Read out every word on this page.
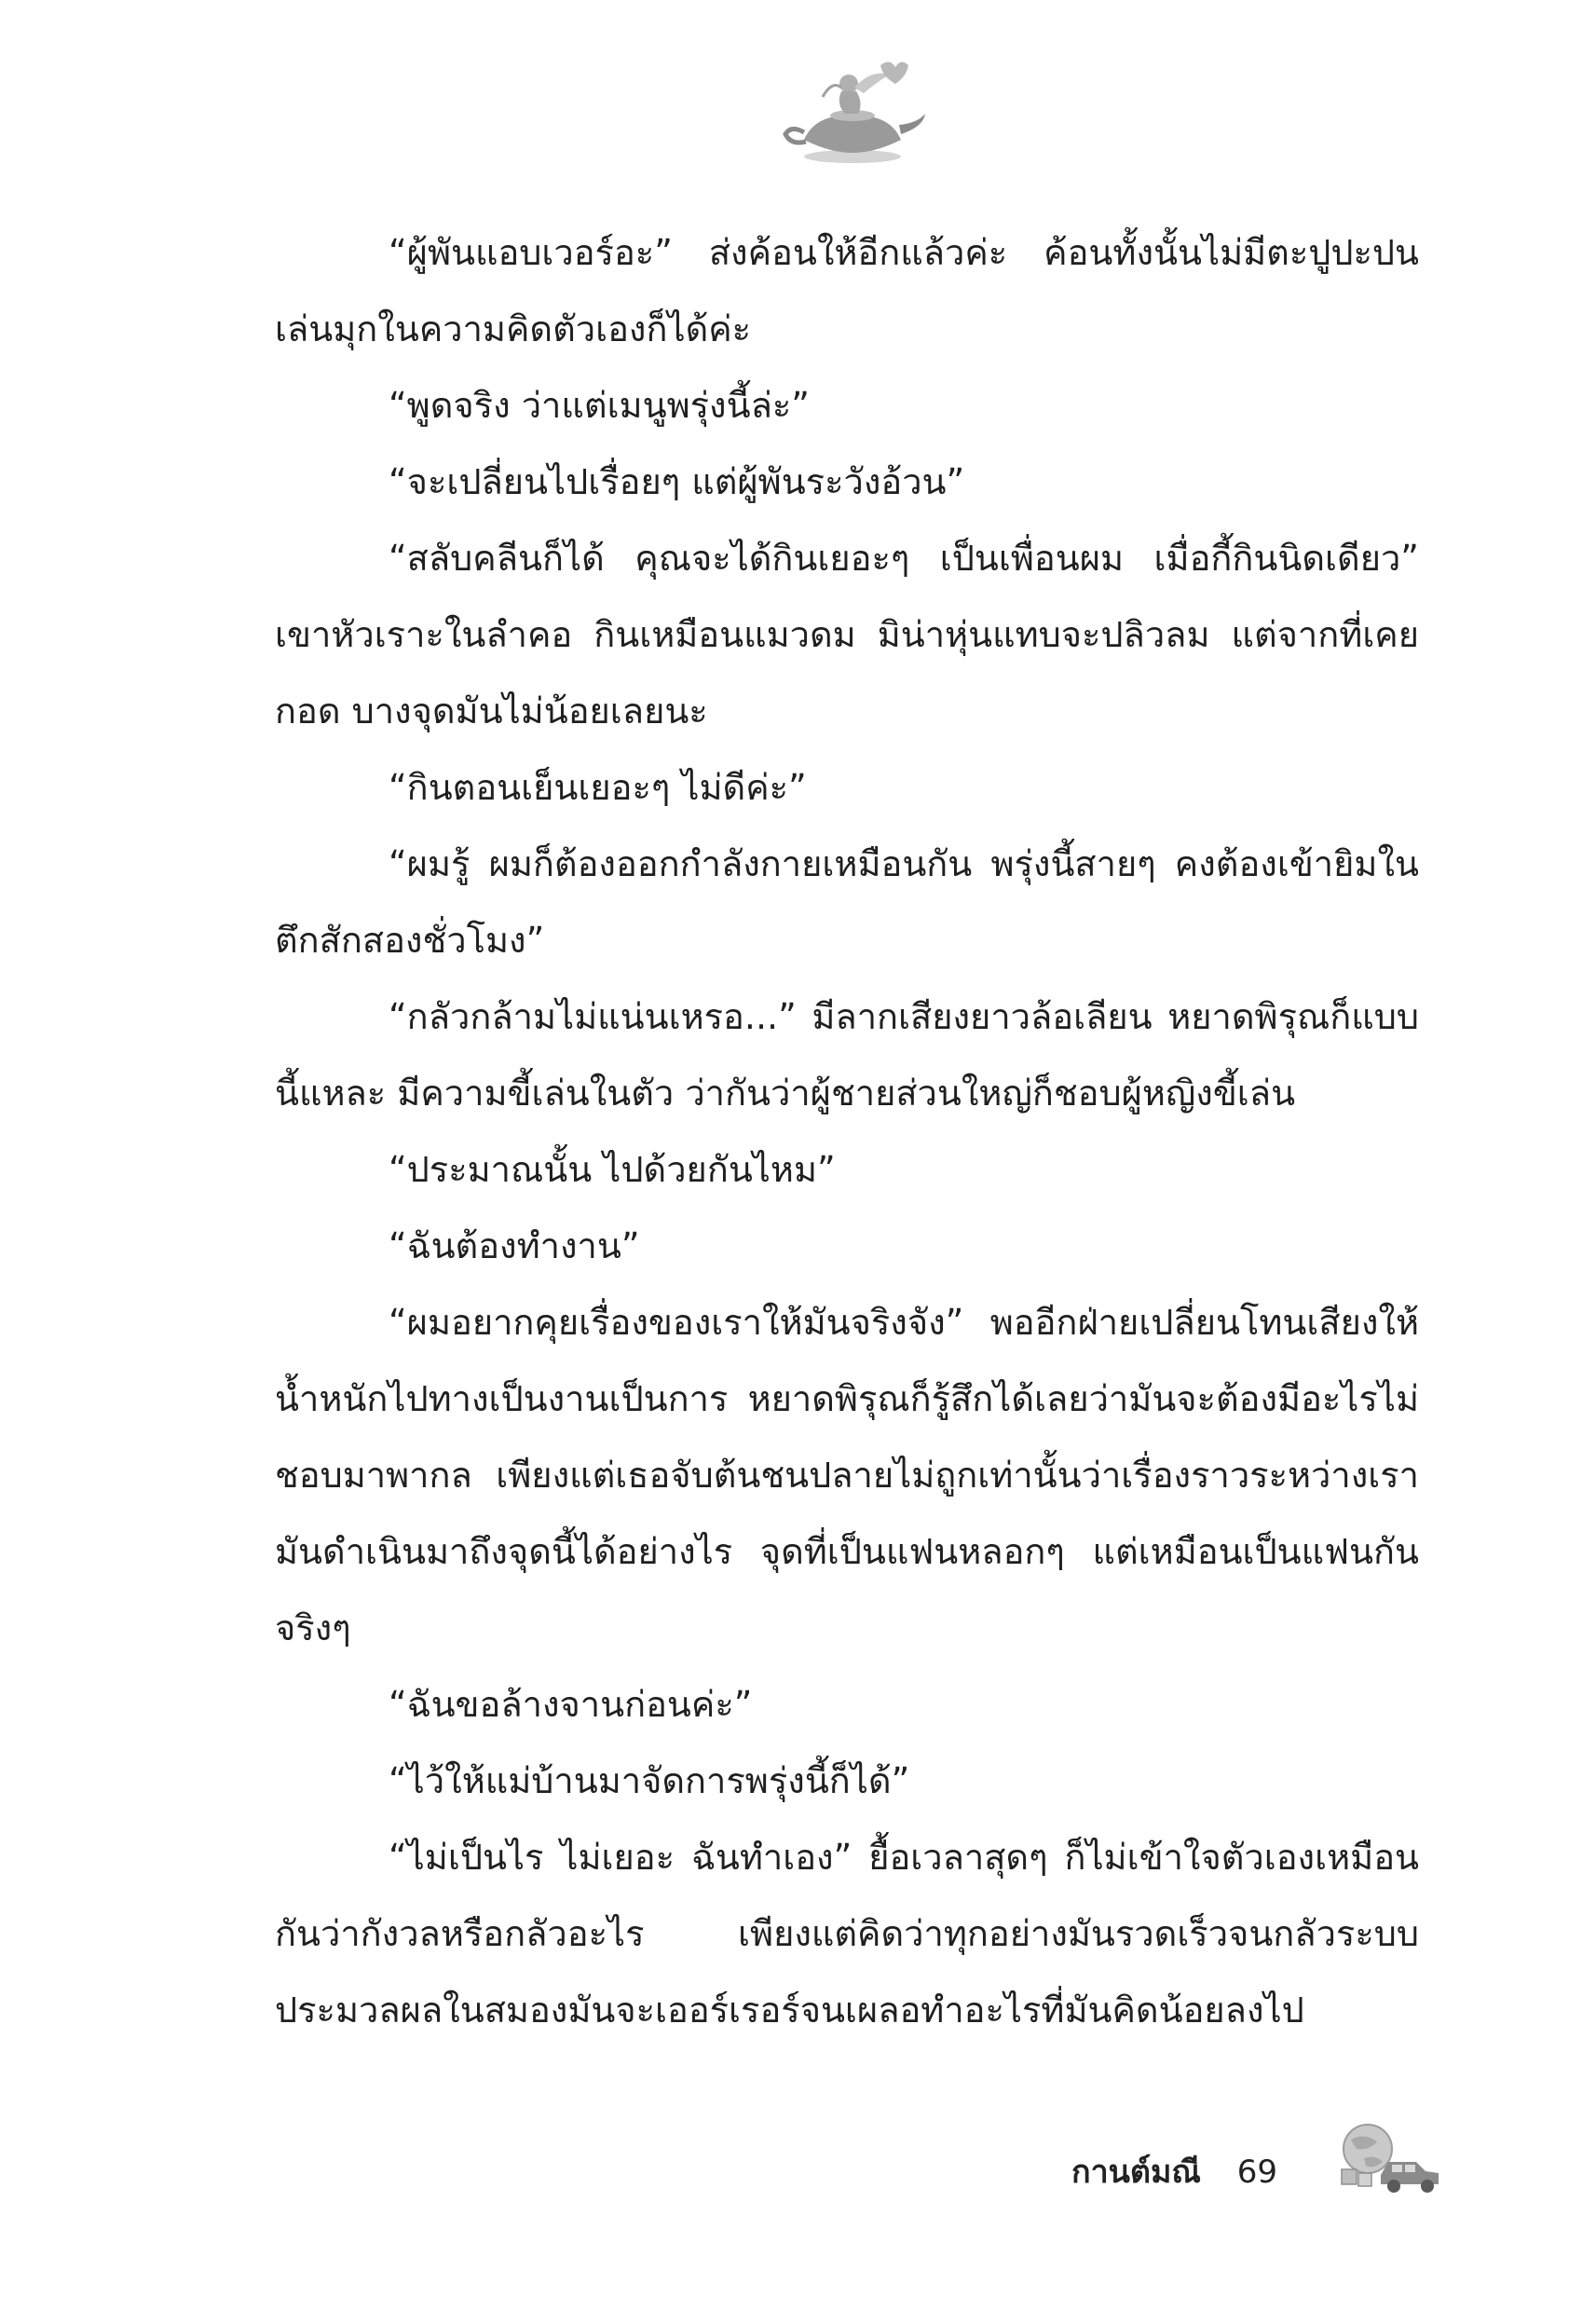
“ผู้พันแอบเวอร์อะ” ส่งค้อนให้อีกแล้วค่ะ ค้อนทั้งนั้นไม่มีตะปูปะปน เล่นมุกในความคิดตัวเองก็ได้ค่ะ

“พูดจริง ว่าแต่เมนูพรุ่งนี้ล่ะ”

“จะเปลี่ยนไปเรื่อยๆ แต่ผู้พันระวังอ้วน”

“สลับคลีนก็ได้ คุณจะได้กินเยอะๆ เป็นเพื่อนผม เมื่อกี้กินนิดเดียว” เขาหัวเราะในลำคอ กินเหมือนแมวดม มิน่าหุ่นแทบจะปลิวลม แต่จากที่เคยกอด บางจุดมันไม่น้อยเลยนะ

“กินตอนเย็นเยอะๆ ไม่ดีค่ะ”

“ผมรู้ ผมก็ต้องออกกำลังกายเหมือนกัน พรุ่งนี้สายๆ คงต้องเข้ายิมในตึกสักสองชั่วโมง”

“กลัวกล้ามไม่แน่นเหรอ...” มีลากเสียงยาวล้อเลียน หยาดพิรุณก็แบบนี้แหละ มีความขี้เล่นในตัว ว่ากันว่าผู้ชายส่วนใหญ่ก็ชอบผู้หญิงขี้เล่น

“ประมาณนั้น ไปด้วยกันไหม”

“ฉันต้องทำงาน”

“ผมอยากคุยเรื่องของเราให้มันจริงจัง” พออีกฝ่ายเปลี่ยนโทนเสียงให้น้ำหนักไปทางเป็นงานเป็นการ หยาดพิรุณก็รู้สึกได้เลยว่ามันจะต้องมีอะไรไม่ชอบมาพากล เพียงแต่เธอจับต้นชนปลายไม่ถูกเท่านั้นว่าเรื่องราวระหว่างเรามันดำเนินมาถึงจุดนี้ได้อย่างไร จุดที่เป็นแฟนหลอกๆ แต่เหมือนเป็นแฟนกันจริงๆ

“ฉันขอล้างจานก่อนค่ะ”

“ไว้ให้แม่บ้านมาจัดการพรุ่งนี้ก็ได้”

“ไม่เป็นไร ไม่เยอะ ฉันทำเอง” ยื้อเวลาสุดๆ ก็ไม่เข้าใจตัวเองเหมือนกันว่ากังวลหรือกลัวอะไร เพียงแต่คิดว่าทุกอย่างมันรวดเร็วจนกลัวระบบประมวลผลในสมองมันจะเออร์เรอร์จนเผลอทำอะไรที่มันคิดน้อยลงไป

กานต์มณี 69
